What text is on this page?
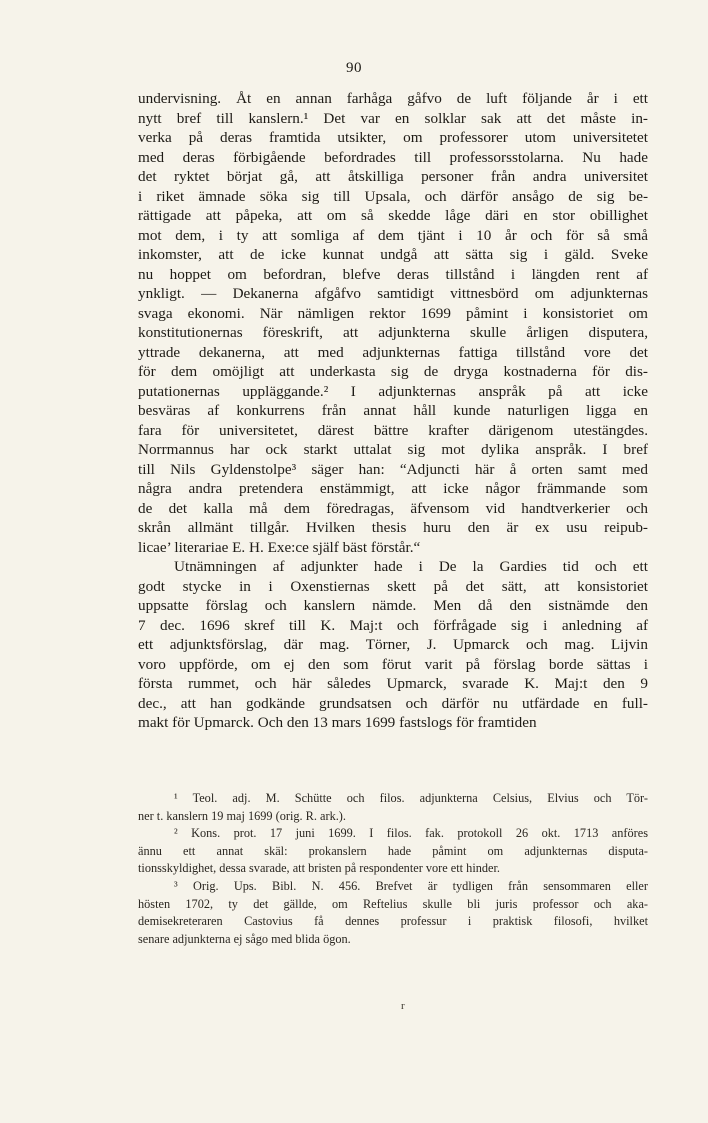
90
undervisning. Åt en annan farhåga gåfvo de luft följande år i ett
nytt bref till kanslern.¹ Det var en solklar sak att det måste in-
verka på deras framtida utsikter, om professorer utom universitetet
med deras förbigående befordrades till professorsstolarna. Nu hade
det ryktet börjat gå, att åtskilliga personer från andra universitet
i riket ämnade söka sig till Upsala, och därför ansågo de sig be-
rättigade att påpeka, att om så skedde låge däri en stor obillighet
mot dem, i ty att somliga af dem tjänt i 10 år och för så små
inkomster, att de icke kunnat undgå att sätta sig i gäld. Sveke
nu hoppet om befordran, blefve deras tillstånd i längden rent af
ynkligt. — Dekanerna afgåfvo samtidigt vittnesbörd om adjunkternas
svaga ekonomi. När nämligen rektor 1699 påmint i konsistoriet om
konstitutionernas föreskrift, att adjunkterna skulle årligen disputera,
yttrade dekanerna, att med adjunkternas fattiga tillstånd vore det
för dem omöjligt att underkasta sig de dryga kostnaderna för dis-
putationernas uppläggande.² I adjunkternas anspråk på att icke
besväras af konkurrens från annat håll kunde naturligen ligga en
fara för universitetet, därest bättre krafter därigenom utestängdes.
Norrmannus har ock starkt uttalat sig mot dylika anspråk. I bref
till Nils Gyldenstolpe³ säger han: “Adjuncti här å orten samt med
några andra pretendera enstämmigt, att icke någor främmande som
de det kalla må dem föredragas, äfvensom vid handtverkerier och
skrån allmänt tillgår. Hvilken thesis huru den är ex usu reipub-
licae’ literariae E. H. Exe:ce själf bäst förstår.“
Utnämningen af adjunkter hade i De la Gardies tid och ett
godt stycke in i Oxenstiernas skett på det sätt, att konsistoriet
uppsatte förslag och kanslern nämde. Men då den sistnämde den
7 dec. 1696 skref till K. Maj:t och förfrågade sig i anledning af
ett adjunktsförslag, där mag. Törner, J. Upmarck och mag. Lijvin
voro uppförde, om ej den som förut varit på förslag borde sättas i
första rummet, och här således Upmarck, svarade K. Maj:t den 9
dec., att han godkände grundsatsen och därför nu utfärdade en full-
makt för Upmarck. Och den 13 mars 1699 fastslogs för framtiden
¹ Teol. adj. M. Schütte och filos. adjunkterna Celsius, Elvius och Tör-
ner t. kanslern 19 maj 1699 (orig. R. ark.).
² Kons. prot. 17 juni 1699. I filos. fak. protokoll 26 okt. 1713 anföres
ännu ett annat skäl: prokanslern hade påmint om adjunkternas disputa-
tionsskyldighet, dessa svarade, att bristen på respondenter vore ett hinder.
³ Orig. Ups. Bibl. N. 456. Brefvet är tydligen från sensommaren eller
hösten 1702, ty det gällde, om Reftelius skulle bli juris professor och aka-
demisekreteraren Castovius få dennes professur i praktisk filosofi, hvilket
senare adjunkterna ej sågo med blida ögon.
r
